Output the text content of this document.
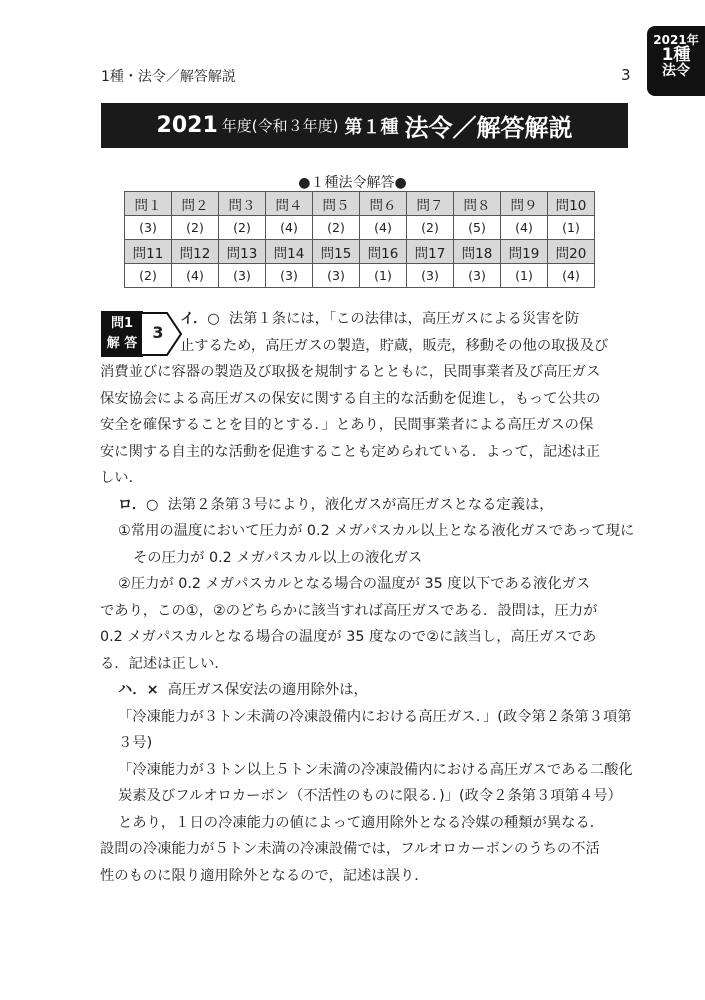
1種・法令／解答解説	3
2021年
1種
法令
2021 年度 (令和３年度) 第１種 法令／解答解説
●１種法令解答●
問１	問２	問３	問４	問５	問６	問７	問８	問９	問10
(3)	(2)	(2)	(4)	(2)	(4)	(2)	(5)	(4)	(1)
問11	問12	問13	問14	問15	問16	問17	問18	問19	問20
(2)	(4)	(3)	(3)	(3)	(1)	(3)	(3)	(1)	(4)
問1
解 答
3

イ．○ 法第１条には，「この法律は，高圧ガスによる災害を防

止するため，高圧ガスの製造，貯蔵，販売，移動その他の取扱及び

消費並びに容器の製造及び取扱を規制するとともに，民間事業者及び高圧ガス

保安協会による高圧ガスの保安に関する自主的な活動を促進し，もって公共の

安全を確保することを目的とする．」とあり，民間事業者による高圧ガスの保

安に関する自主的な活動を促進することも定められている．よって，記述は正

しい．

ロ．○ 法第２条第３号により，液化ガスが高圧ガスとなる定義は，

①常用の温度において圧力が 0.2 メガパスカル以上となる液化ガスであって現にその圧力が 0.2 メガパスカル以上の液化ガス

②圧力が 0.2 メガパスカルとなる場合の温度が 35 度以下である液化ガス

であり，この①，②のどちらかに該当すれば高圧ガスである．設問は，圧力が

0.2 メガパスカルとなる場合の温度が 35 度なので②に該当し，高圧ガスであ

る．記述は正しい．

ハ．× 高圧ガス保安法の適用除外は，

「冷凍能力が３トン未満の冷凍設備内における高圧ガス．」(政令第２条第３項第３号)

「冷凍能力が３トン以上５トン未満の冷凍設備内における高圧ガスである二酸化炭素及びフルオロカーボン（不活性のものに限る．)」(政令２条第３項第４号）とあり，１日の冷凍能力の値によって適用除外となる冷媒の種類が異なる．

設問の冷凍能力が５トン未満の冷凍設備では，フルオロカーボンのうちの不活

性のものに限り適用除外となるので，記述は誤り．
